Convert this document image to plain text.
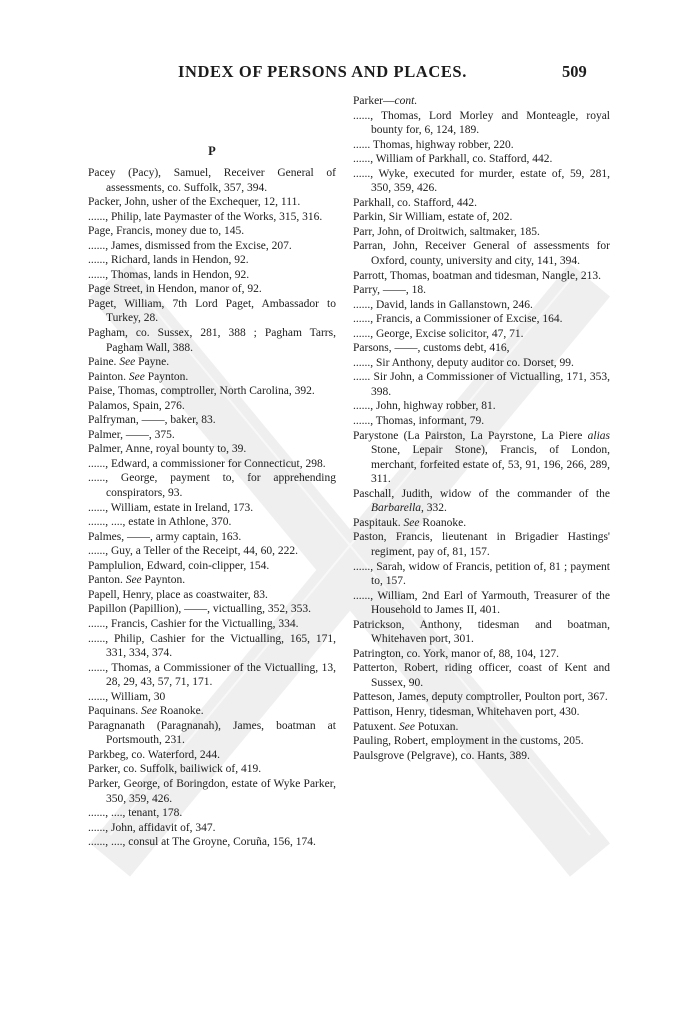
INDEX OF PERSONS AND PLACES.	509
P
Pacey (Pacy), Samuel, Receiver General of assessments, co. Suffolk, 357, 394.
Packer, John, usher of the Exchequer, 12, 111.
......, Philip, late Paymaster of the Works, 315, 316.
Page, Francis, money due to, 145.
......, James, dismissed from the Excise, 207.
......, Richard, lands in Hendon, 92.
......, Thomas, lands in Hendon, 92.
Page Street, in Hendon, manor of, 92.
Paget, William, 7th Lord Paget, Ambassador to Turkey, 28.
Pagham, co. Sussex, 281, 388 ; Pagham Tarrs, Pagham Wall, 388.
Paine. See Payne.
Painton. See Paynton.
Paise, Thomas, comptroller, North Carolina, 392.
Palamos, Spain, 276.
Palfryman, ——, baker, 83.
Palmer, ——, 375.
Palmer, Anne, royal bounty to, 39.
......, Edward, a commissioner for Connecticut, 298.
......, George, payment to, for apprehending conspirators, 93.
......, William, estate in Ireland, 173.
......, ...., estate in Athlone, 370.
Palmes, ——, army captain, 163.
......, Guy, a Teller of the Receipt, 44, 60, 222.
Pamplulion, Edward, coin-clipper, 154.
Panton. See Paynton.
Papell, Henry, place as coastwaiter, 83.
Papillon (Papillion), ——, victualling, 352, 353.
......, Francis, Cashier for the Victualling, 334.
......, Philip, Cashier for the Victualling, 165, 171, 331, 334, 374.
......, Thomas, a Commissioner of the Victualling, 13, 28, 29, 43, 57, 71, 171.
......, William, 30
Paquinans. See Roanoke.
Paragnanath (Paragnanah), James, boatman at Portsmouth, 231.
Parkbeg, co. Waterford, 244.
Parker, co. Suffolk, bailiwick of, 419.
Parker, George, of Boringdon, estate of Wyke Parker, 350, 359, 426.
......, ...., tenant, 178.
......, John, affidavit of, 347.
......, ...., consul at The Groyne, Coruña, 156, 174.
Parker—cont.
......, Thomas, Lord Morley and Monteagle, royal bounty for, 6, 124, 189.
...... Thomas, highway robber, 220.
......, William of Parkhall, co. Stafford, 442.
......, Wyke, executed for murder, estate of, 59, 281, 350, 359, 426.
Parkhall, co. Stafford, 442.
Parkin, Sir William, estate of, 202.
Parr, John, of Droitwich, saltmaker, 185.
Parran, John, Receiver General of assessments for Oxford, county, university and city, 141, 394.
Parrott, Thomas, boatman and tidesman, Nangle, 213.
Parry, ——, 18.
......, David, lands in Gallanstown, 246.
......, Francis, a Commissioner of Excise, 164.
......, George, Excise solicitor, 47, 71.
Parsons, ——, customs debt, 416,
......, Sir Anthony, deputy auditor co. Dorset, 99.
...... Sir John, a Commissioner of Victualling, 171, 353, 398.
......, John, highway robber, 81.
......, Thomas, informant, 79.
Parystone (La Pairston, La Payrstone, La Piere alias Stone, Lepair Stone), Francis, of London, merchant, forfeited estate of, 53, 91, 196, 266, 289, 311.
Paschall, Judith, widow of the commander of the Barbarella, 332.
Paspitauk. See Roanoke.
Paston, Francis, lieutenant in Brigadier Hastings' regiment, pay of, 81, 157.
......, Sarah, widow of Francis, petition of, 81 ; payment to, 157.
......, William, 2nd Earl of Yarmouth, Treasurer of the Household to James II, 401.
Patrickson, Anthony, tidesman and boatman, Whitehaven port, 301.
Patrington, co. York, manor of, 88, 104, 127.
Patterton, Robert, riding officer, coast of Kent and Sussex, 90.
Patteson, James, deputy comptroller, Poulton port, 367.
Pattison, Henry, tidesman, Whitehaven port, 430.
Patuxent. See Potuxan.
Pauling, Robert, employment in the customs, 205.
Paulsgrove (Pelgrave), co. Hants, 389.
